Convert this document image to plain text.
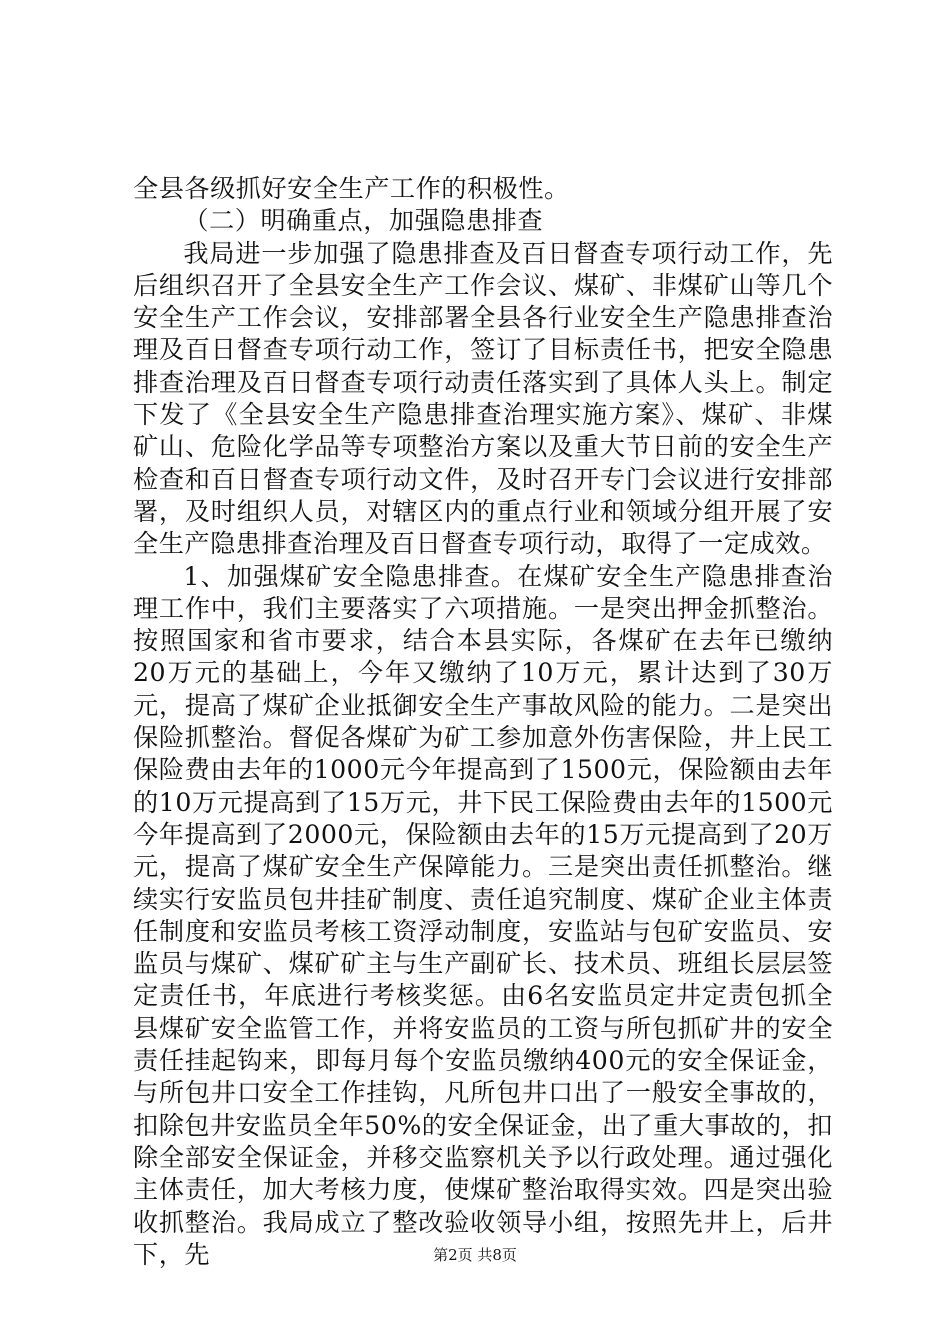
全县各级抓好安全生产工作的积极性。

（二）明确重点，加强隐患排查

我局进一步加强了隐患排查及百日督查专项行动工作，先后组织召开了全县安全生产工作会议、煤矿、非煤矿山等几个安全生产工作会议，安排部署全县各行业安全生产隐患排查治理及百日督查专项行动工作，签订了目标责任书，把安全隐患排查治理及百日督查专项行动责任落实到了具体人头上。制定下发了《全县安全生产隐患排查治理实施方案》、煤矿、非煤矿山、危险化学品等专项整治方案以及重大节日前的安全生产检查和百日督查专项行动文件，及时召开专门会议进行安排部署，及时组织人员，对辖区内的重点行业和领域分组开展了安全生产隐患排查治理及百日督查专项行动，取得了一定成效。

1、加强煤矿安全隐患排查。在煤矿安全生产隐患排查治理工作中，我们主要落实了六项措施。一是突出押金抓整治。按照国家和省市要求，结合本县实际，各煤矿在去年已缴纳20万元的基础上，今年又缴纳了10万元，累计达到了30万元，提高了煤矿企业抵御安全生产事故风险的能力。二是突出保险抓整治。督促各煤矿为矿工参加意外伤害保险，井上民工保险费由去年的1000元今年提高到了1500元，保险额由去年的10万元提高到了15万元，井下民工保险费由去年的1500元今年提高到了2000元，保险额由去年的15万元提高到了20万元，提高了煤矿安全生产保障能力。三是突出责任抓整治。继续实行安监员包井挂矿制度、责任追究制度、煤矿企业主体责任制度和安监员考核工资浮动制度，安监站与包矿安监员、安监员与煤矿、煤矿矿主与生产副矿长、技术员、班组长层层签定责任书，年底进行考核奖惩。由6名安监员定井定责包抓全县煤矿安全监管工作，并将安监员的工资与所包抓矿井的安全责任挂起钩来，即每月每个安监员缴纳400元的安全保证金，与所包井口安全工作挂钩，凡所包井口出了一般安全事故的，扣除包井安监员全年50%的安全保证金，出了重大事故的，扣除全部安全保证金，并移交监察机关予以行政处理。通过强化主体责任，加大考核力度，使煤矿整治取得实效。四是突出验收抓整治。我局成立了整改验收领导小组，按照先井上，后井下，先	第2页 共8页
